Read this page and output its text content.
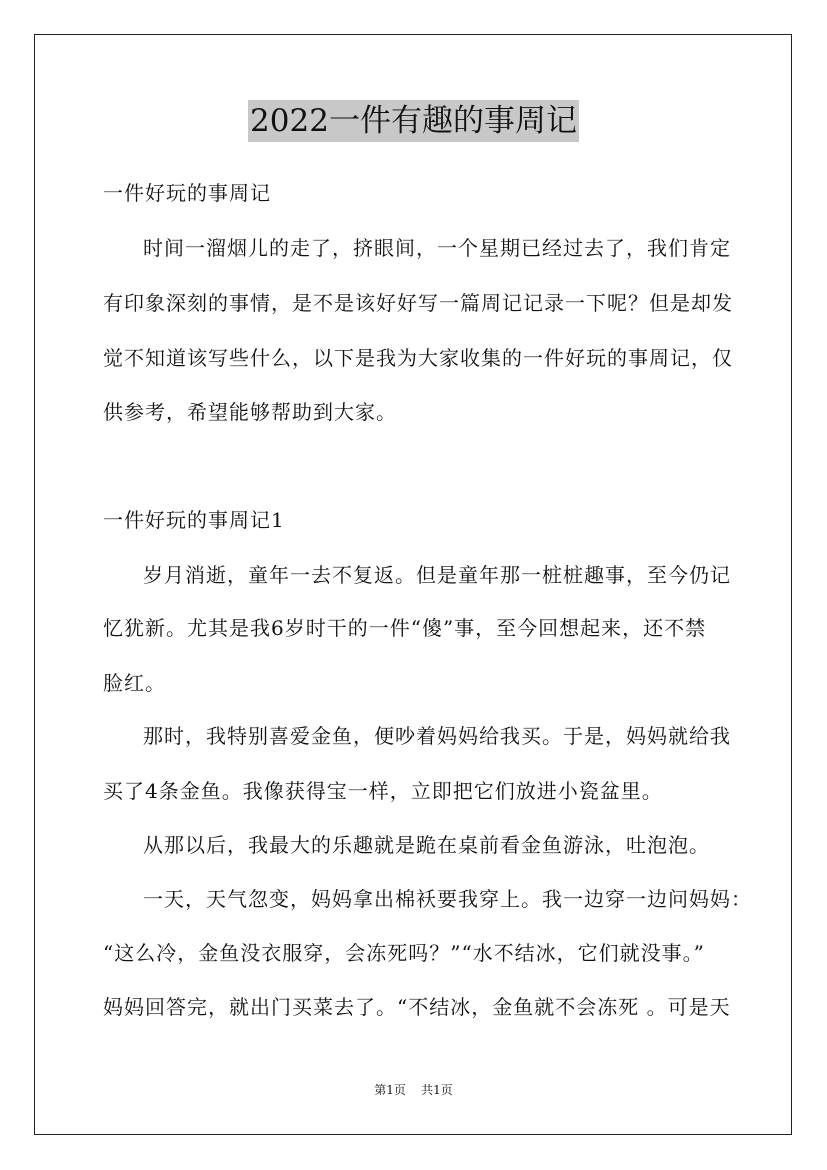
2022一件有趣的事周记
一件好玩的事周记
时间一溜烟儿的走了，挤眼间，一个星期已经过去了，我们肯定
有印象深刻的事情，是不是该好好写一篇周记记录一下呢？但是却发
觉不知道该写些什么，以下是我为大家收集的一件好玩的事周记，仅
供参考，希望能够帮助到大家。
一件好玩的事周记1
岁月消逝，童年一去不复返。但是童年那一桩桩趣事，至今仍记
忆犹新。尤其是我6岁时干的一件“傻”事，至今回想起来，还不禁
脸红。
那时，我特别喜爱金鱼，便吵着妈妈给我买。于是，妈妈就给我
买了4条金鱼。我像获得宝一样，立即把它们放进小瓷盆里。
从那以后，我最大的乐趣就是跪在桌前看金鱼游泳，吐泡泡。
一天，天气忽变，妈妈拿出棉袄要我穿上。我一边穿一边问妈妈：
“这么冷，金鱼没衣服穿，会冻死吗？”“水不结冰，它们就没事。”
妈妈回答完，就出门买菜去了。“不结冰，金鱼就不会冻死 。可是天
第1页 共1页
